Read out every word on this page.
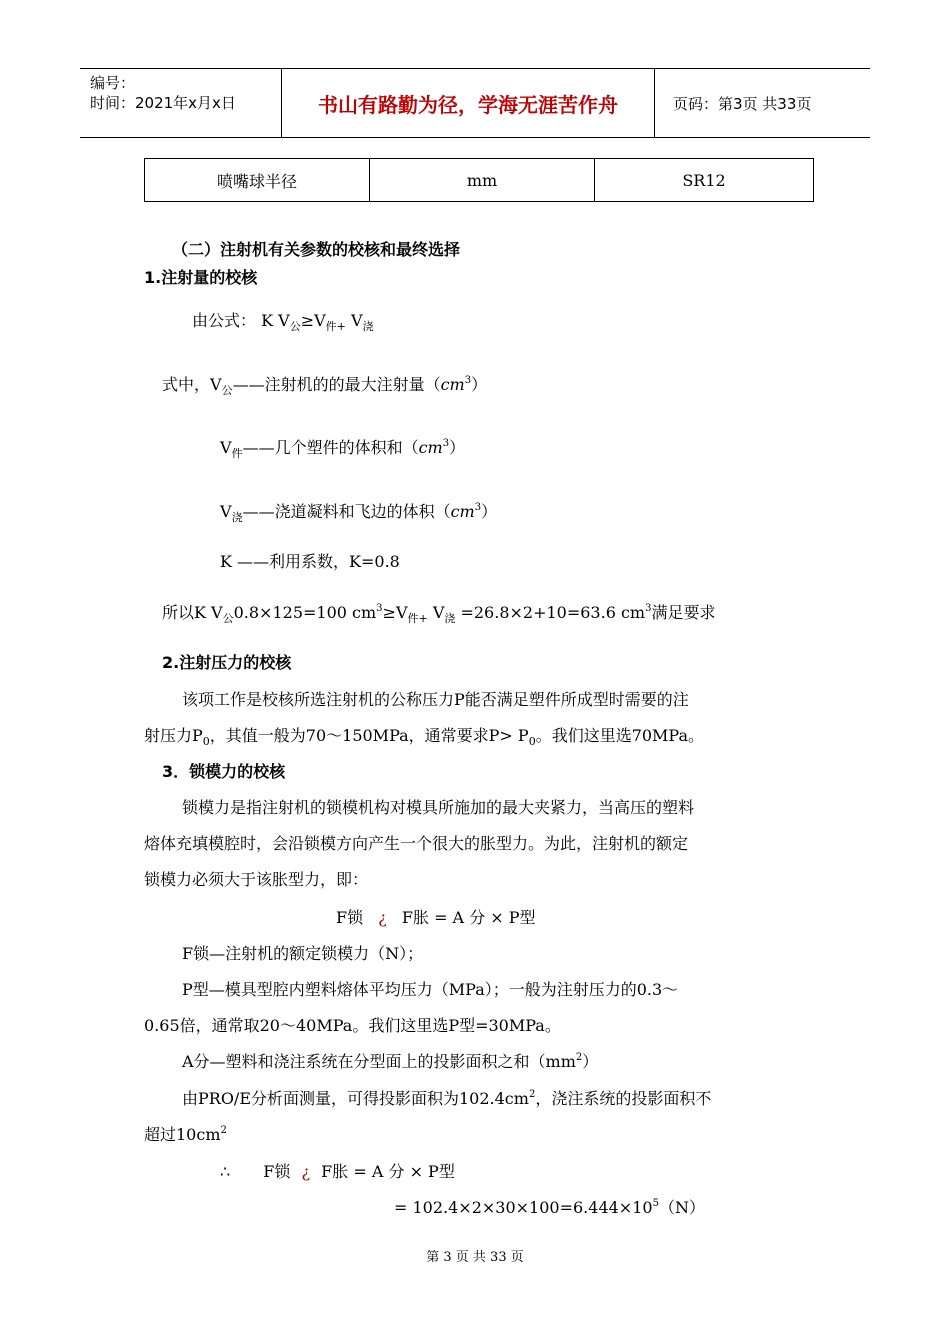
编号：
时间：2021年x月x日	书山有路勤为径，学海无涯苦作舟	页码：第3页 共33页
喷嘴球半径	mm	SR12
（二）注射机有关参数的校核和最终选择
1.注射量的校核
由公式： K $V_公\ge V_{件+}$ $V_浇$
式中，$V_公——$注射机的的最大注射量$(cm^3)$
$V_件——$几个塑件的体积和$(cm^3)$
$V_浇——$浇道凝料和飞边的体积$(cm^3)$
K ——利用系数，K=0.8
所以K $V_公0.8\times 125=100$ $cm^3\ge V_{件+}$ $V_浇 =26.8\times 2+10=63.6$ $cm^3$满足要求
2.注射压力的校核
该项工作是校核所选注射机的公称压力P能否满足塑件所成型时需要的注
射压力$P_0$，其值一般为70～150MPa，通常要求$P> P_0$。我们这里选70MPa。
3．锁模力的校核
锁模力是指注射机的锁模机构对模具所施加的最大夹紧力，当高压的塑料
熔体充填模腔时，会沿锁模方向产生一个很大的胀型力。为此，注射机的额定
锁模力必须大于该胀型力，即：
F锁 ¿ F胀 = A 分 × P型
F锁—注射机的额定锁模力（N）；
P型—模具型腔内塑料熔体平均压力（MPa）；一般为注射压力的0.3～
0.65倍，通常取20～40MPa。我们这里选P型=30MPa。
A分—塑料和浇注系统在分型面上的投影面积之和$(mm^2)$
由PRO/E分析面测量，可得投影面积为$102.4cm^2$，浇注系统的投影面积不
超过$10cm^2$
∴ F锁 ¿ F胀 = A 分 × P型
= $102.4\times 2\times 30\times 100=6.444\times 10^5(N)$
第 3 页 共 33 页
